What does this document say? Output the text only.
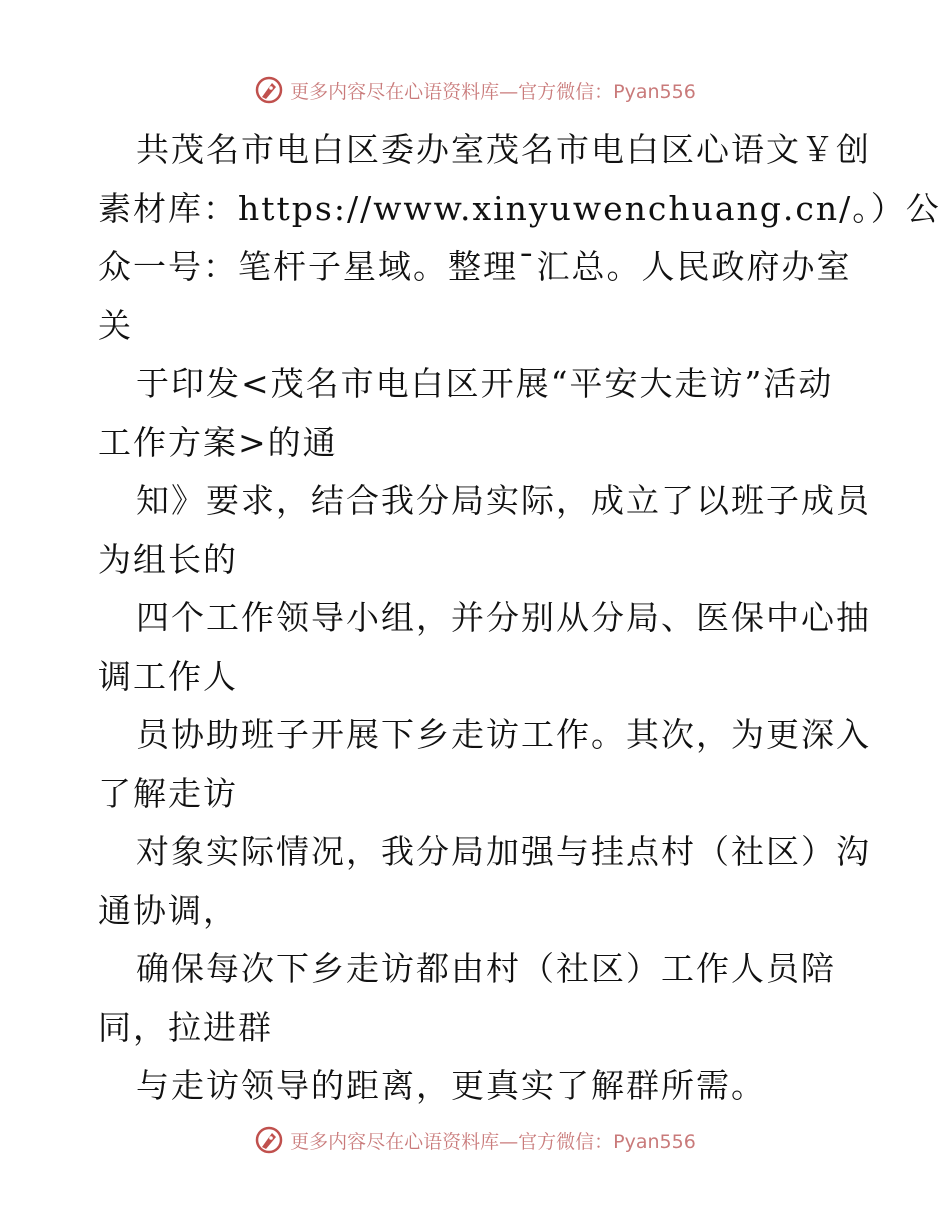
更多内容尽在心语资料库—官方微信：Pyan556
共茂名市电白区委办室茂名市电白区心语文￥创
素材库：https://www.xinyuwenchuang.cn/。）公
众一号：笔杆子星域。整理¯汇总。人民政府办室
关
于印发<茂名市电白区开展“平安大走访”活动
工作方案>的通
知》要求，结合我分局实际，成立了以班子成员
为组长的
四个工作领导小组，并分别从分局、医保中心抽
调工作人
员协助班子开展下乡走访工作。其次，为更深入
了解走访
对象实际情况，我分局加强与挂点村（社区）沟
通协调，
确保每次下乡走访都由村（社区）工作人员陪
同，拉进群
与走访领导的距离，更真实了解群所需。
更多内容尽在心语资料库—官方微信：Pyan556
